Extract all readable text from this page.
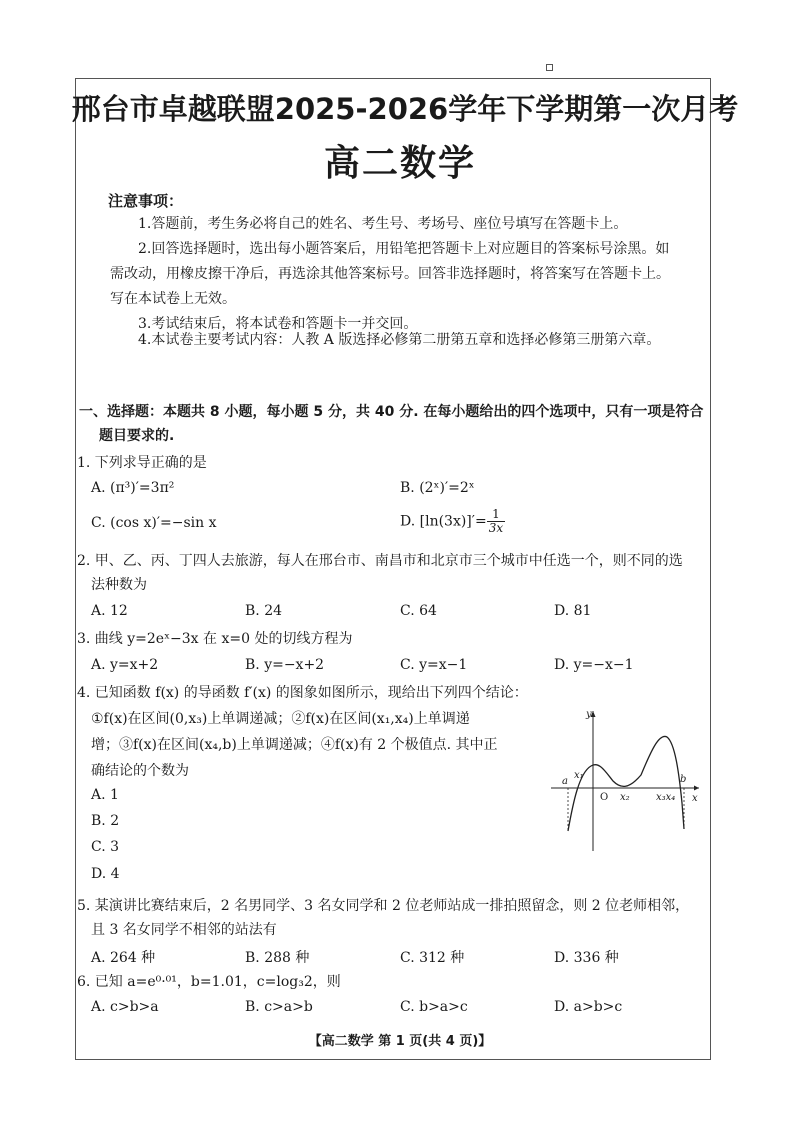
邢台市卓越联盟2025-2026学年下学期第一次月考
高二数学
注意事项：
1.答题前，考生务必将自己的姓名、考生号、考场号、座位号填写在答题卡上。
2.回答选择题时，选出每小题答案后，用铅笔把答题卡上对应题目的答案标号涂黑。如需改动，用橡皮擦干净后，再选涂其他答案标号。回答非选择题时，将答案写在答题卡上。写在本试卷上无效。
3.考试结束后，将本试卷和答题卡一并交回。
4.本试卷主要考试内容：人教 A 版选择必修第二册第五章和选择必修第三册第六章。
一、选择题：本题共 8 小题，每小题 5 分，共 40 分. 在每小题给出的四个选项中，只有一项是符合
题目要求的.
1. 下列求导正确的是
A. (π³)′=3π²	B. (2ˣ)′=2ˣ
C. (cos x)′=−sin x	D. $[\ln(3x)]'= \frac{1}{3x}$
2. 甲、乙、丙、丁四人去旅游，每人在邢台市、南昌市和北京市三个城市中任选一个，则不同的选
法种数为
A. 12	B. 24	C. 64	D. 81
3. 曲线 y=2eˣ−3x 在 x=0 处的切线方程为
A. y=x+2	B. y=−x+2	C. y=x−1	D. y=−x−1
4. 已知函数 f(x) 的导函数 f′(x) 的图象如图所示，现给出下列四个结论：
①f(x)在区间(0,x₃)上单调递减；②f(x)在区间(x₁,x₄)上单调递
增；③f(x)在区间(x₄,b)上单调递减；④f(x)有 2 个极值点. 其中正
确结论的个数为
A. 1
B. 2
C. 3
D. 4
y
x
O
a	b
x₁
x₂	x₃x₄
5. 某演讲比赛结束后，2 名男同学、3 名女同学和 2 位老师站成一排拍照留念，则 2 位老师相邻，
且 3 名女同学不相邻的站法有
A. 264 种	B. 288 种	C. 312 种	D. 336 种
6. 已知 a=e⁰·⁰¹，b=1.01，c=log₃2，则
A. c>b>a	B. c>a>b	C. b>a>c	D. a>b>c
【高二数学 第 1 页(共 4 页)】
